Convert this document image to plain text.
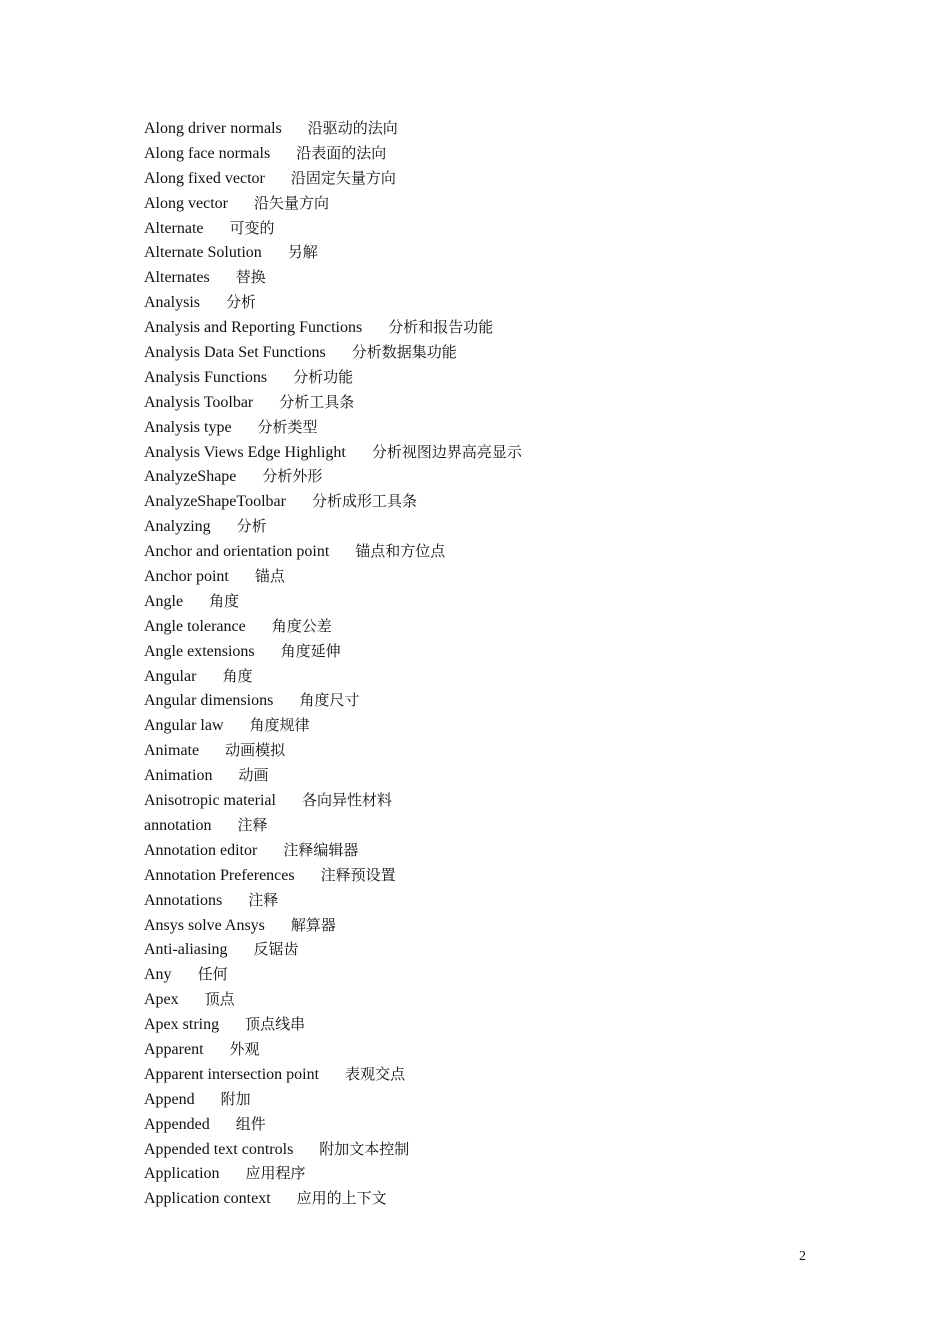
Along driver normals 沿驱动的法向
Along face normals 沿表面的法向
Along fixed vector 沿固定矢量方向
Along vector 沿矢量方向
Alternate 可变的
Alternate Solution 另解
Alternates 替换
Analysis 分析
Analysis and Reporting Functions 分析和报告功能
Analysis Data Set Functions 分析数据集功能
Analysis Functions 分析功能
Analysis Toolbar 分析工具条
Analysis type 分析类型
Analysis Views Edge Highlight 分析视图边界高亮显示
AnalyzeShape 分析外形
AnalyzeShapeToolbar 分析成形工具条
Analyzing 分析
Anchor and orientation point 锚点和方位点
Anchor point 锚点
Angle 角度
Angle tolerance 角度公差
Angle extensions 角度延伸
Angular 角度
Angular dimensions 角度尺寸
Angular law 角度规律
Animate 动画模拟
Animation 动画
Anisotropic material 各向异性材料
annotation 注释
Annotation editor 注释编辑器
Annotation Preferences 注释预设置
Annotations 注释
Ansys solve Ansys 解算器
Anti-aliasing 反锯齿
Any 任何
Apex 顶点
Apex string 顶点线串
Apparent 外观
Apparent intersection point 表观交点
Append 附加
Appended 组件
Appended text controls 附加文本控制
Application 应用程序
Application context 应用的上下文
2
